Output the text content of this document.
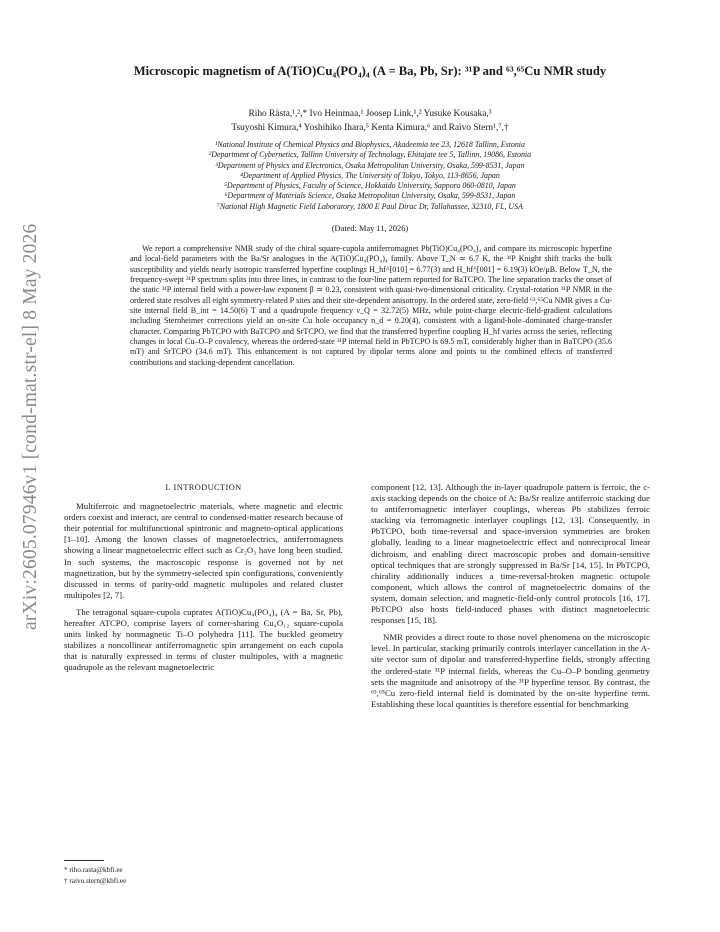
arXiv:2605.07946v1 [cond-mat.str-el] 8 May 2026
Microscopic magnetism of A(TiO)Cu₄(PO₄)₄ (A = Ba, Pb, Sr): ³¹P and ⁶³,⁶⁵Cu NMR study
Riho Rästa,¹,²,* Ivo Heinmaa,¹ Joosep Link,¹,² Yusuke Kousaka,³
Tsuyoshi Kimura,⁴ Yoshihiko Ihara,⁵ Kenta Kimura,⁶ and Raivo Stern¹,⁷,†
¹National Institute of Chemical Physics and Biophysics, Akadeemia tee 23, 12618 Tallinn, Estonia
²Department of Cybernetics, Tallinn University of Technology, Ehitajate tee 5, Tallinn, 19086, Estonia
³Department of Physics and Electronics, Osaka Metropolitan University, Osaka, 599-8531, Japan
⁴Department of Applied Physics, The University of Tokyo, Tokyo, 113-8656, Japan
⁵Department of Physics, Faculty of Science, Hokkaido University, Sapporo 060-0810, Japan
⁶Department of Materials Science, Osaka Metropolitan University, Osaka, 599-8531, Japan
⁷National High Magnetic Field Laboratory, 1800 E Paul Dirac Dr, Tallahassee, 32310, FL, USA
(Dated: May 11, 2026)
We report a comprehensive NMR study of the chiral square-cupola antiferromagnet Pb(TiO)Cu₄(PO₄)₄ and compare its microscopic hyperfine and local-field parameters with the Ba/Sr analogues in the A(TiO)Cu₄(PO₄)₄ family. Above T_N ≃ 6.7 K, the ³¹P Knight shift tracks the bulk susceptibility and yields nearly isotropic transferred hyperfine couplings H_hf^[010] = 6.77(3) and H_hf^[001] = 6.19(3) kOe/μB. Below T_N, the frequency-swept ³¹P spectrum splits into three lines, in contrast to the four-line pattern reported for BaTCPO. The line separation tracks the onset of the static ³¹P internal field with a power-law exponent β ≃ 0.23, consistent with quasi-two-dimensional criticality. Crystal-rotation ³¹P NMR in the ordered state resolves all eight symmetry-related P sites and their site-dependent anisotropy. In the ordered state, zero-field ⁶³,⁶⁵Cu NMR gives a Cu-site internal field B_int = 14.50(6) T and a quadrupole frequency ν_Q = 32.72(5) MHz, while point-charge electric-field-gradient calculations including Sternheimer corrections yield an on-site Cu hole occupancy n_d = 0.20(4), consistent with a ligand-hole–dominated charge-transfer character. Comparing PbTCPO with BaTCPO and SrTCPO, we find that the transferred hyperfine coupling H_hf varies across the series, reflecting changes in local Cu–O–P covalency, whereas the ordered-state ³¹P internal field in PbTCPO is 69.5 mT, considerably higher than in BaTCPO (35.6 mT) and SrTCPO (34.6 mT). This enhancement is not captured by dipolar terms alone and points to the combined effects of transferred contributions and stacking-dependent cancellation.
I. INTRODUCTION

Multiferroic and magnetoelectric materials, where magnetic and electric orders coexist and interact, are central to condensed-matter research because of their potential for multifunctional spintronic and magneto-optical applications [1–10]. Among the known classes of magnetoelectrics, antiferromagnets showing a linear magnetoelectric effect such as Cr₂O₃ have long been studied. In such systems, the macroscopic response is governed not by net magnetization, but by the symmetry-selected spin configurations, conveniently discussed in terms of parity-odd magnetic multipoles and related cluster multipoles [2, 7].

The tetragonal square-cupola cuprates A(TiO)Cu₄(PO₄)₄ (A = Ba, Sr, Pb), hereafter ATCPO, comprise layers of corner-sharing Cu₄O₁₂ square-cupola units linked by nonmagnetic Ti–O polyhedra [11]. The buckled geometry stabilizes a noncollinear antiferromagnetic spin arrangement on each cupola that is naturally expressed in terms of cluster multipoles, with a magnetic quadrupole as the relevant magnetoelectric

component [12, 13]. Although the in-layer quadrupole pattern is ferroic, the c-axis stacking depends on the choice of A: Ba/Sr realize antiferroic stacking due to antiferromagnetic interlayer couplings, whereas Pb stabilizes ferroic stacking via ferromagnetic interlayer couplings [12, 13]. Consequently, in PbTCPO, both time-reversal and space-inversion symmetries are broken globally, leading to a linear magnetoelectric effect and nonreciprocal linear dichroism, and enabling direct macroscopic probes and domain-sensitive optical techniques that are strongly suppressed in Ba/Sr [14, 15]. In PbTCPO, chirality additionally induces a time-reversal-broken magnetic octupole component, which allows the control of magnetoelectric domains of the system, domain selection, and magnetic-field-only control protocols [16, 17]. PbTCPO also hosts field-induced phases with distinct magnetoelectric responses [15, 18].

NMR provides a direct route to those novel phenomena on the microscopic level. In particular, stacking primarily controls interlayer cancellation in the A-site vector sum of dipolar and transferred-hyperfine fields, strongly affecting the ordered-state ³¹P internal fields, whereas the Cu–O–P bonding geometry sets the magnitude and anisotropy of the ³¹P hyperfine tensor. By contrast, the ⁶³,⁶⁵Cu zero-field internal field is dominated by the on-site hyperfine term. Establishing these local quantities is therefore essential for benchmarking

* riho.rasta@kbfi.ee
† raivo.stern@kbfi.ee
